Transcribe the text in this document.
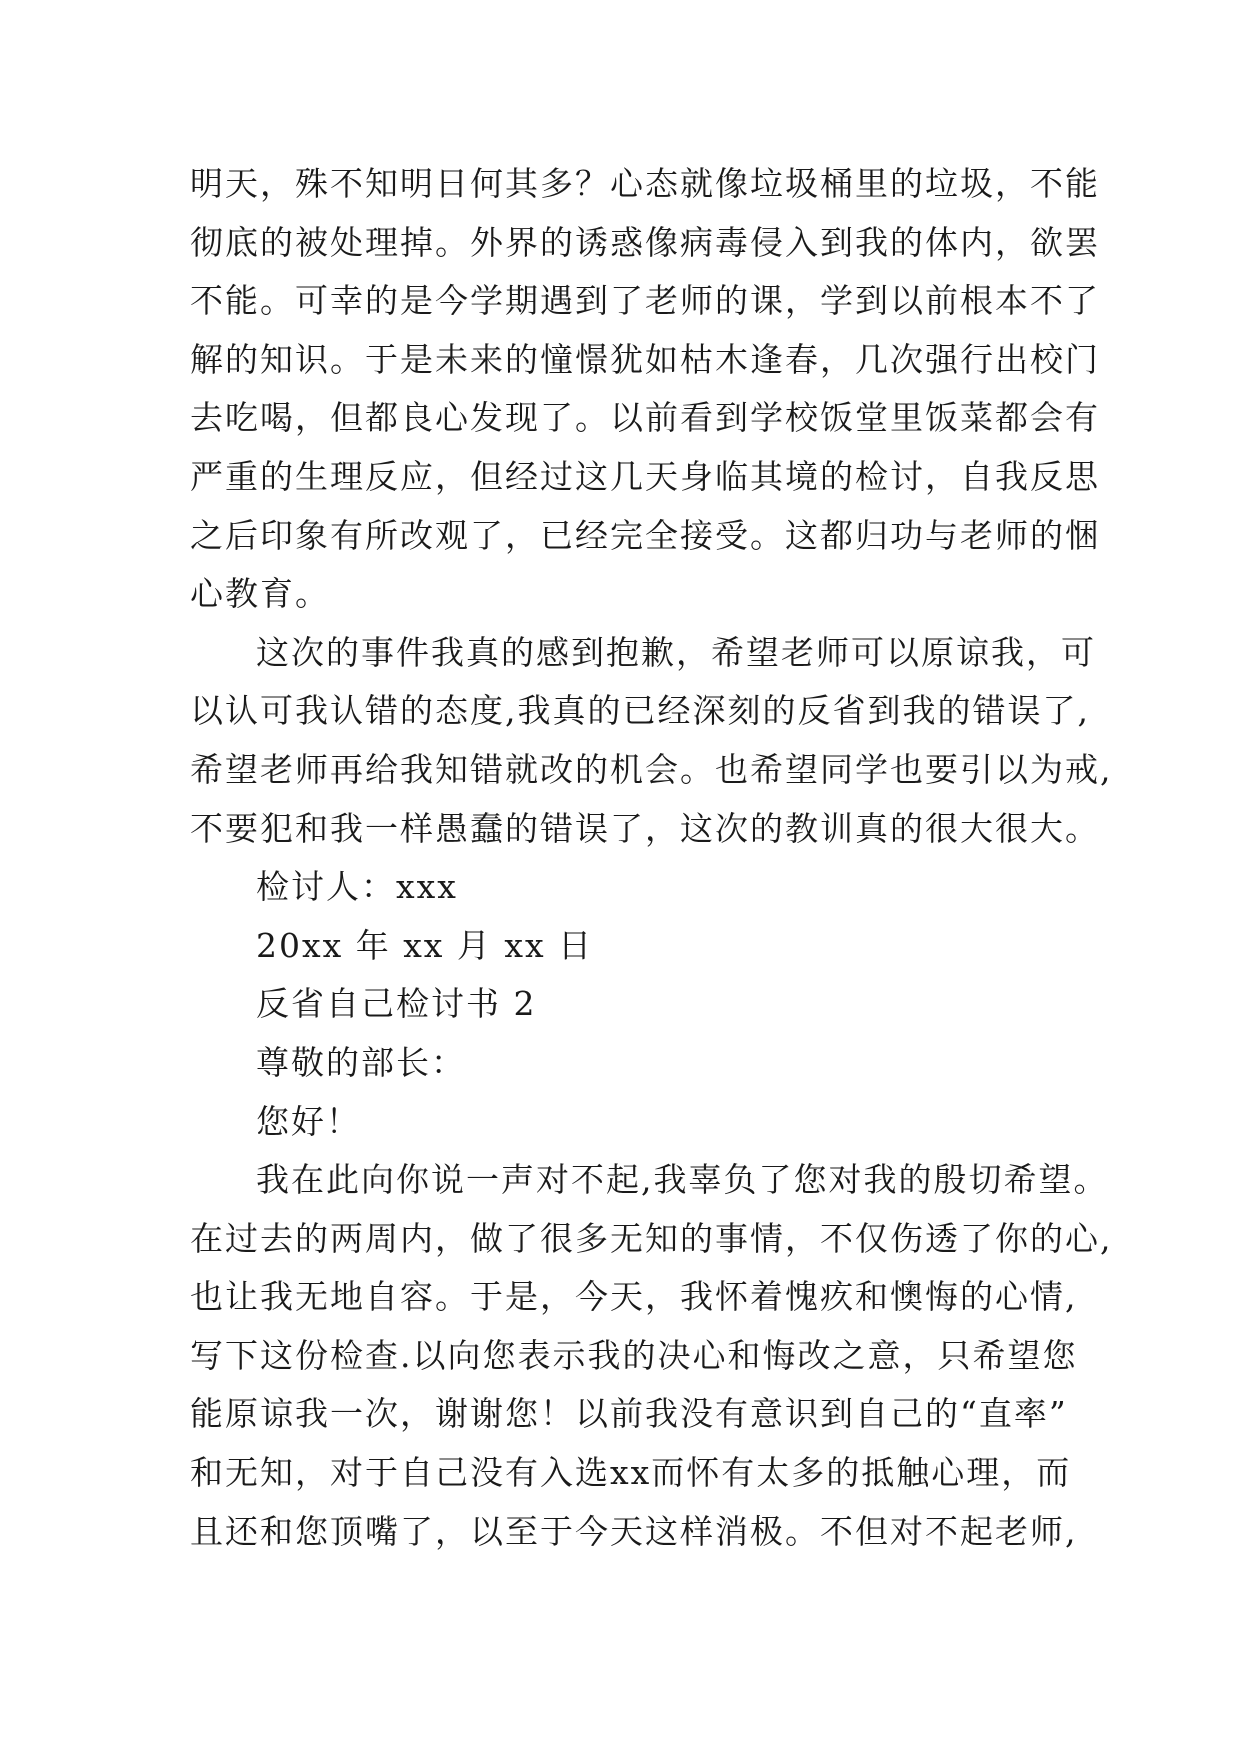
明 天 ， 殊 不 知 明 日 何 其 多 ？ 心 态 就 像 垃 圾 桶 里 的 垃 圾 ， 不 能
彻 底 的 被 处 理 掉 。 外 界 的 诱 惑 像 病 毒 侵 入 到 我 的 体 内 ， 欲 罢
不 能 。 可 幸 的 是 今 学 期 遇 到 了 老 师 的 课 ， 学 到 以 前 根 本 不 了
解 的 知 识 。 于 是 未 来 的 憧 憬 犹 如 枯 木 逢 春 ， 几 次 强 行 出 校 门
去 吃 喝 ， 但 都 良 心 发 现 了 。 以 前 看 到 学 校 饭 堂 里 饭 菜 都 会 有
严 重 的 生 理 反 应 ， 但 经 过 这 几 天 身 临 其 境 的 检 讨 ， 自 我 反 思
之 后 印 象 有 所 改 观 了 ， 已 经 完 全 接 受 。 这 都 归 功 与 老 师 的 悃
心教育。
这 次 的 事 件 我 真 的 感 到 抱 歉 ， 希 望 老 师 可 以 原 谅 我 ， 可
以 认 可 我 认 错 的 态 度 , 我 真 的 已 经 深 刻 的 反 省 到 我 的 错 误 了 ,
希 望 老 师 再 给 我 知 错 就 改 的 机 会 。 也 希 望 同 学 也 要 引 以 为 戒 ,
不 要 犯 和 我 一 样 愚 蠢 的 错 误 了 ， 这 次 的 教 训 真 的 很 大 很 大 。
检讨人：xxx
20xx 年 xx 月 xx 日
反省自己检讨书 2
尊敬的部长：
您好！
我 在 此 向 你 说 一 声 对 不 起 , 我 辜 负 了 您 对 我 的 殷 切 希 望 。
在 过 去 的 两 周 内 ， 做 了 很 多 无 知 的 事 情 ， 不 仅 伤 透 了 你 的 心 ,
也 让 我 无 地 自 容 。 于 是 ， 今 天 ， 我 怀 着 愧 疚 和 懊 悔 的 心 情 ,
写 下 这 份 检 查 . 以 向 您 表 示 我 的 决 心 和 悔 改 之 意 ， 只 希 望 您
能 原 谅 我 一 次 ， 谢 谢 您 ！ 以 前 我 没 有 意 识 到 自 己 的 “ 直 率 ”
和 无 知 ， 对 于 自 己 没 有 入 选 x x 而 怀 有 太 多 的 抵 触 心 理 ， 而
且 还 和 您 顶 嘴 了 ， 以 至 于 今 天 这 样 消 极 。 不 但 对 不 起 老 师 ,
